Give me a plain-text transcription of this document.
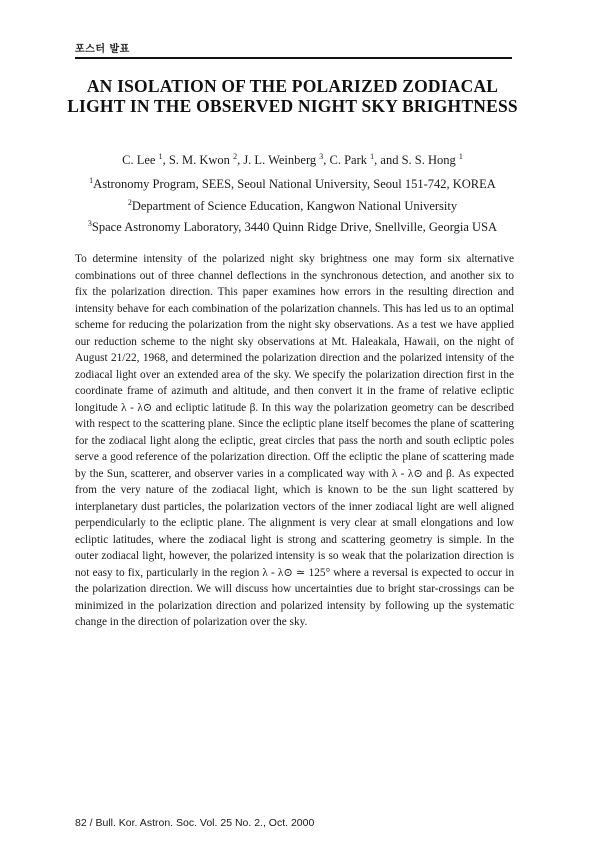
포스터 발표
AN ISOLATION OF THE POLARIZED ZODIACAL LIGHT IN THE OBSERVED NIGHT SKY BRIGHTNESS
C. Lee $^1$, S. M. Kwon $^2$, J. L. Weinberg $^3$, C. Park $^1$, and S. S. Hong $^1$
$^1$Astronomy Program, SEES, Seoul National University, Seoul 151-742, KOREA
$^2$Department of Science Education, Kangwon National University
$^3$Space Astronomy Laboratory, 3440 Quinn Ridge Drive, Snellville, Georgia USA

To determine intensity of the polarized night sky brightness one may form six alternative combinations out of three channel deflections in the synchronous detection, and another six to fix the polarization direction. This paper examines how errors in the resulting direction and intensity behave for each combination of the polarization channels. This has led us to an optimal scheme for reducing the polarization from the night sky observations. As a test we have applied our reduction scheme to the night sky observations at Mt. Haleakala, Hawaii, on the night of August 21/22, 1968, and determined the polarization direction and the polarized intensity of the zodiacal light over an extended area of the sky. We specify the polarization direction first in the coordinate frame of azimuth and altitude, and then convert it in the frame of relative ecliptic longitude λ - λ⊙ and ecliptic latitude β. In this way the polarization geometry can be described with respect to the scattering plane. Since the ecliptic plane itself becomes the plane of scattering for the zodiacal light along the ecliptic, great circles that pass the north and south ecliptic poles serve a good reference of the polarization direction. Off the ecliptic the plane of scattering made by the Sun, scatterer, and observer varies in a complicated way with λ - λ⊙ and β. As expected from the very nature of the zodiacal light, which is known to be the sun light scattered by interplanetary dust particles, the polarization vectors of the inner zodiacal light are well aligned perpendicularly to the ecliptic plane. The alignment is very clear at small elongations and low ecliptic latitudes, where the zodiacal light is strong and scattering geometry is simple. In the outer zodiacal light, however, the polarized intensity is so weak that the polarization direction is not easy to fix, particularly in the region λ - λ⊙ ≃ 125° where a reversal is expected to occur in the polarization direction. We will discuss how uncertainties due to bright star-crossings can be minimized in the polarization direction and polarized intensity by following up the systematic change in the direction of polarization over the sky.

82 / Bull. Kor. Astron. Soc. Vol. 25 No. 2., Oct. 2000
